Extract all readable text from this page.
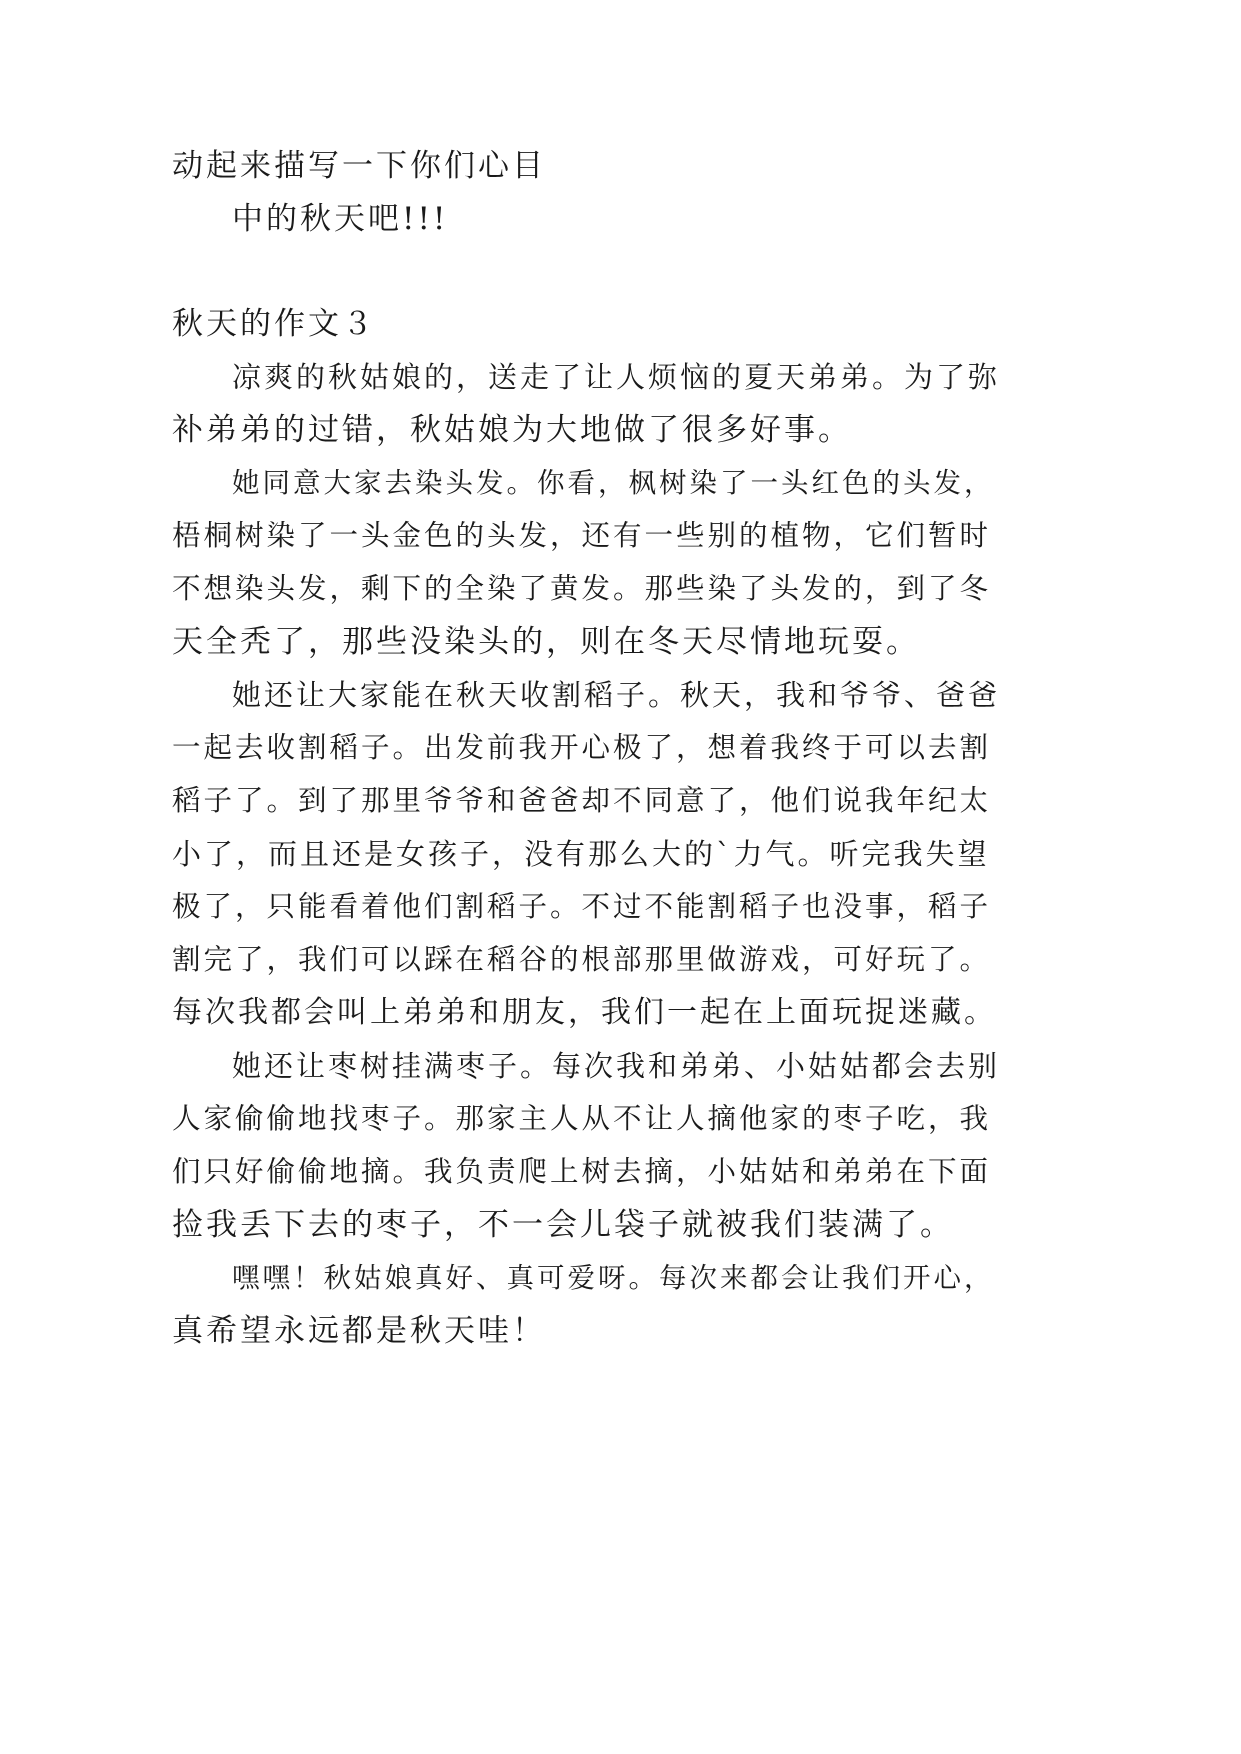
动起来描写一下你们心目
中的秋天吧!!!
秋天的作文３
凉爽的秋姑娘的，送走了让人烦恼的夏天弟弟。为了弥
补弟弟的过错，秋姑娘为大地做了很多好事。
她同意大家去染头发。你看，枫树染了一头红色的头发，
梧桐树染了一头金色的头发，还有一些别的植物，它们暂时
不想染头发，剩下的全染了黄发。那些染了头发的，到了冬
天全秃了，那些没染头的，则在冬天尽情地玩耍。
她还让大家能在秋天收割稻子。秋天，我和爷爷、爸爸
一起去收割稻子。出发前我开心极了，想着我终于可以去割
稻子了。到了那里爷爷和爸爸却不同意了，他们说我年纪太
小了，而且还是女孩子，没有那么大的`力气。听完我失望
极了，只能看着他们割稻子。不过不能割稻子也没事，稻子
割完了，我们可以踩在稻谷的根部那里做游戏，可好玩了。
每次我都会叫上弟弟和朋友，我们一起在上面玩捉迷藏。
她还让枣树挂满枣子。每次我和弟弟、小姑姑都会去别
人家偷偷地找枣子。那家主人从不让人摘他家的枣子吃，我
们只好偷偷地摘。我负责爬上树去摘，小姑姑和弟弟在下面
捡我丢下去的枣子，不一会儿袋子就被我们装满了。
嘿嘿！秋姑娘真好、真可爱呀。每次来都会让我们开心，
真希望永远都是秋天哇！
